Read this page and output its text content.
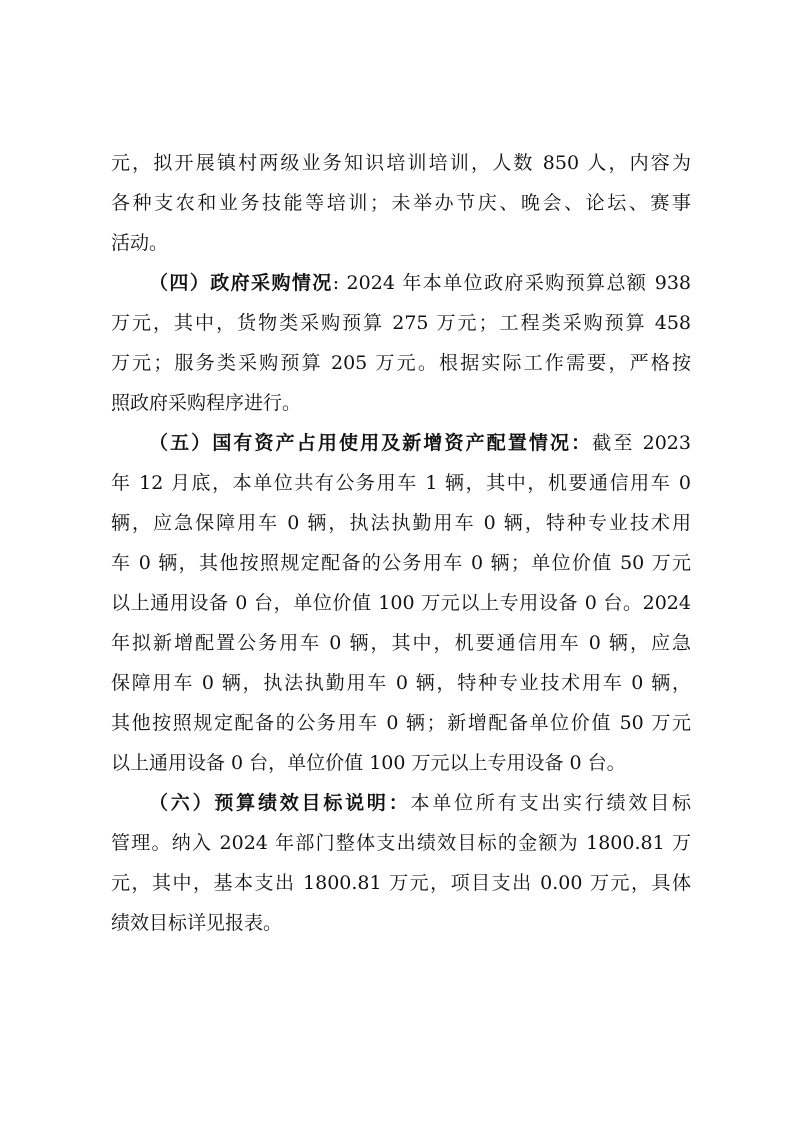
元，拟开展镇村两级业务知识培训培训，人数 850 人，内容为
各种支农和业务技能等培训；未举办节庆、晚会、论坛、赛事
活动。
（四）政府采购情况: 2024 年本单位政府采购预算总额 938
万元，其中，货物类采购预算 275 万元；工程类采购预算 458
万元；服务类采购预算 205 万元。根据实际工作需要，严格按
照政府采购程序进行。
（五）国有资产占用使用及新增资产配置情况：截至 2023
年 12 月底，本单位共有公务用车 1 辆，其中，机要通信用车 0
辆，应急保障用车 0 辆，执法执勤用车 0 辆，特种专业技术用
车 0 辆，其他按照规定配备的公务用车 0 辆；单位价值 50 万元
以上通用设备 0 台，单位价值 100 万元以上专用设备 0 台。2024
年拟新增配置公务用车 0 辆，其中，机要通信用车 0 辆，应急
保障用车 0 辆，执法执勤用车 0 辆，特种专业技术用车 0 辆，
其他按照规定配备的公务用车 0 辆；新增配备单位价值 50 万元
以上通用设备 0 台，单位价值 100 万元以上专用设备 0 台。
（六）预算绩效目标说明：本单位所有支出实行绩效目标
管理。纳入 2024 年部门整体支出绩效目标的金额为 1800.81 万
元，其中，基本支出 1800.81 万元，项目支出 0.00 万元，具体
绩效目标详见报表。
